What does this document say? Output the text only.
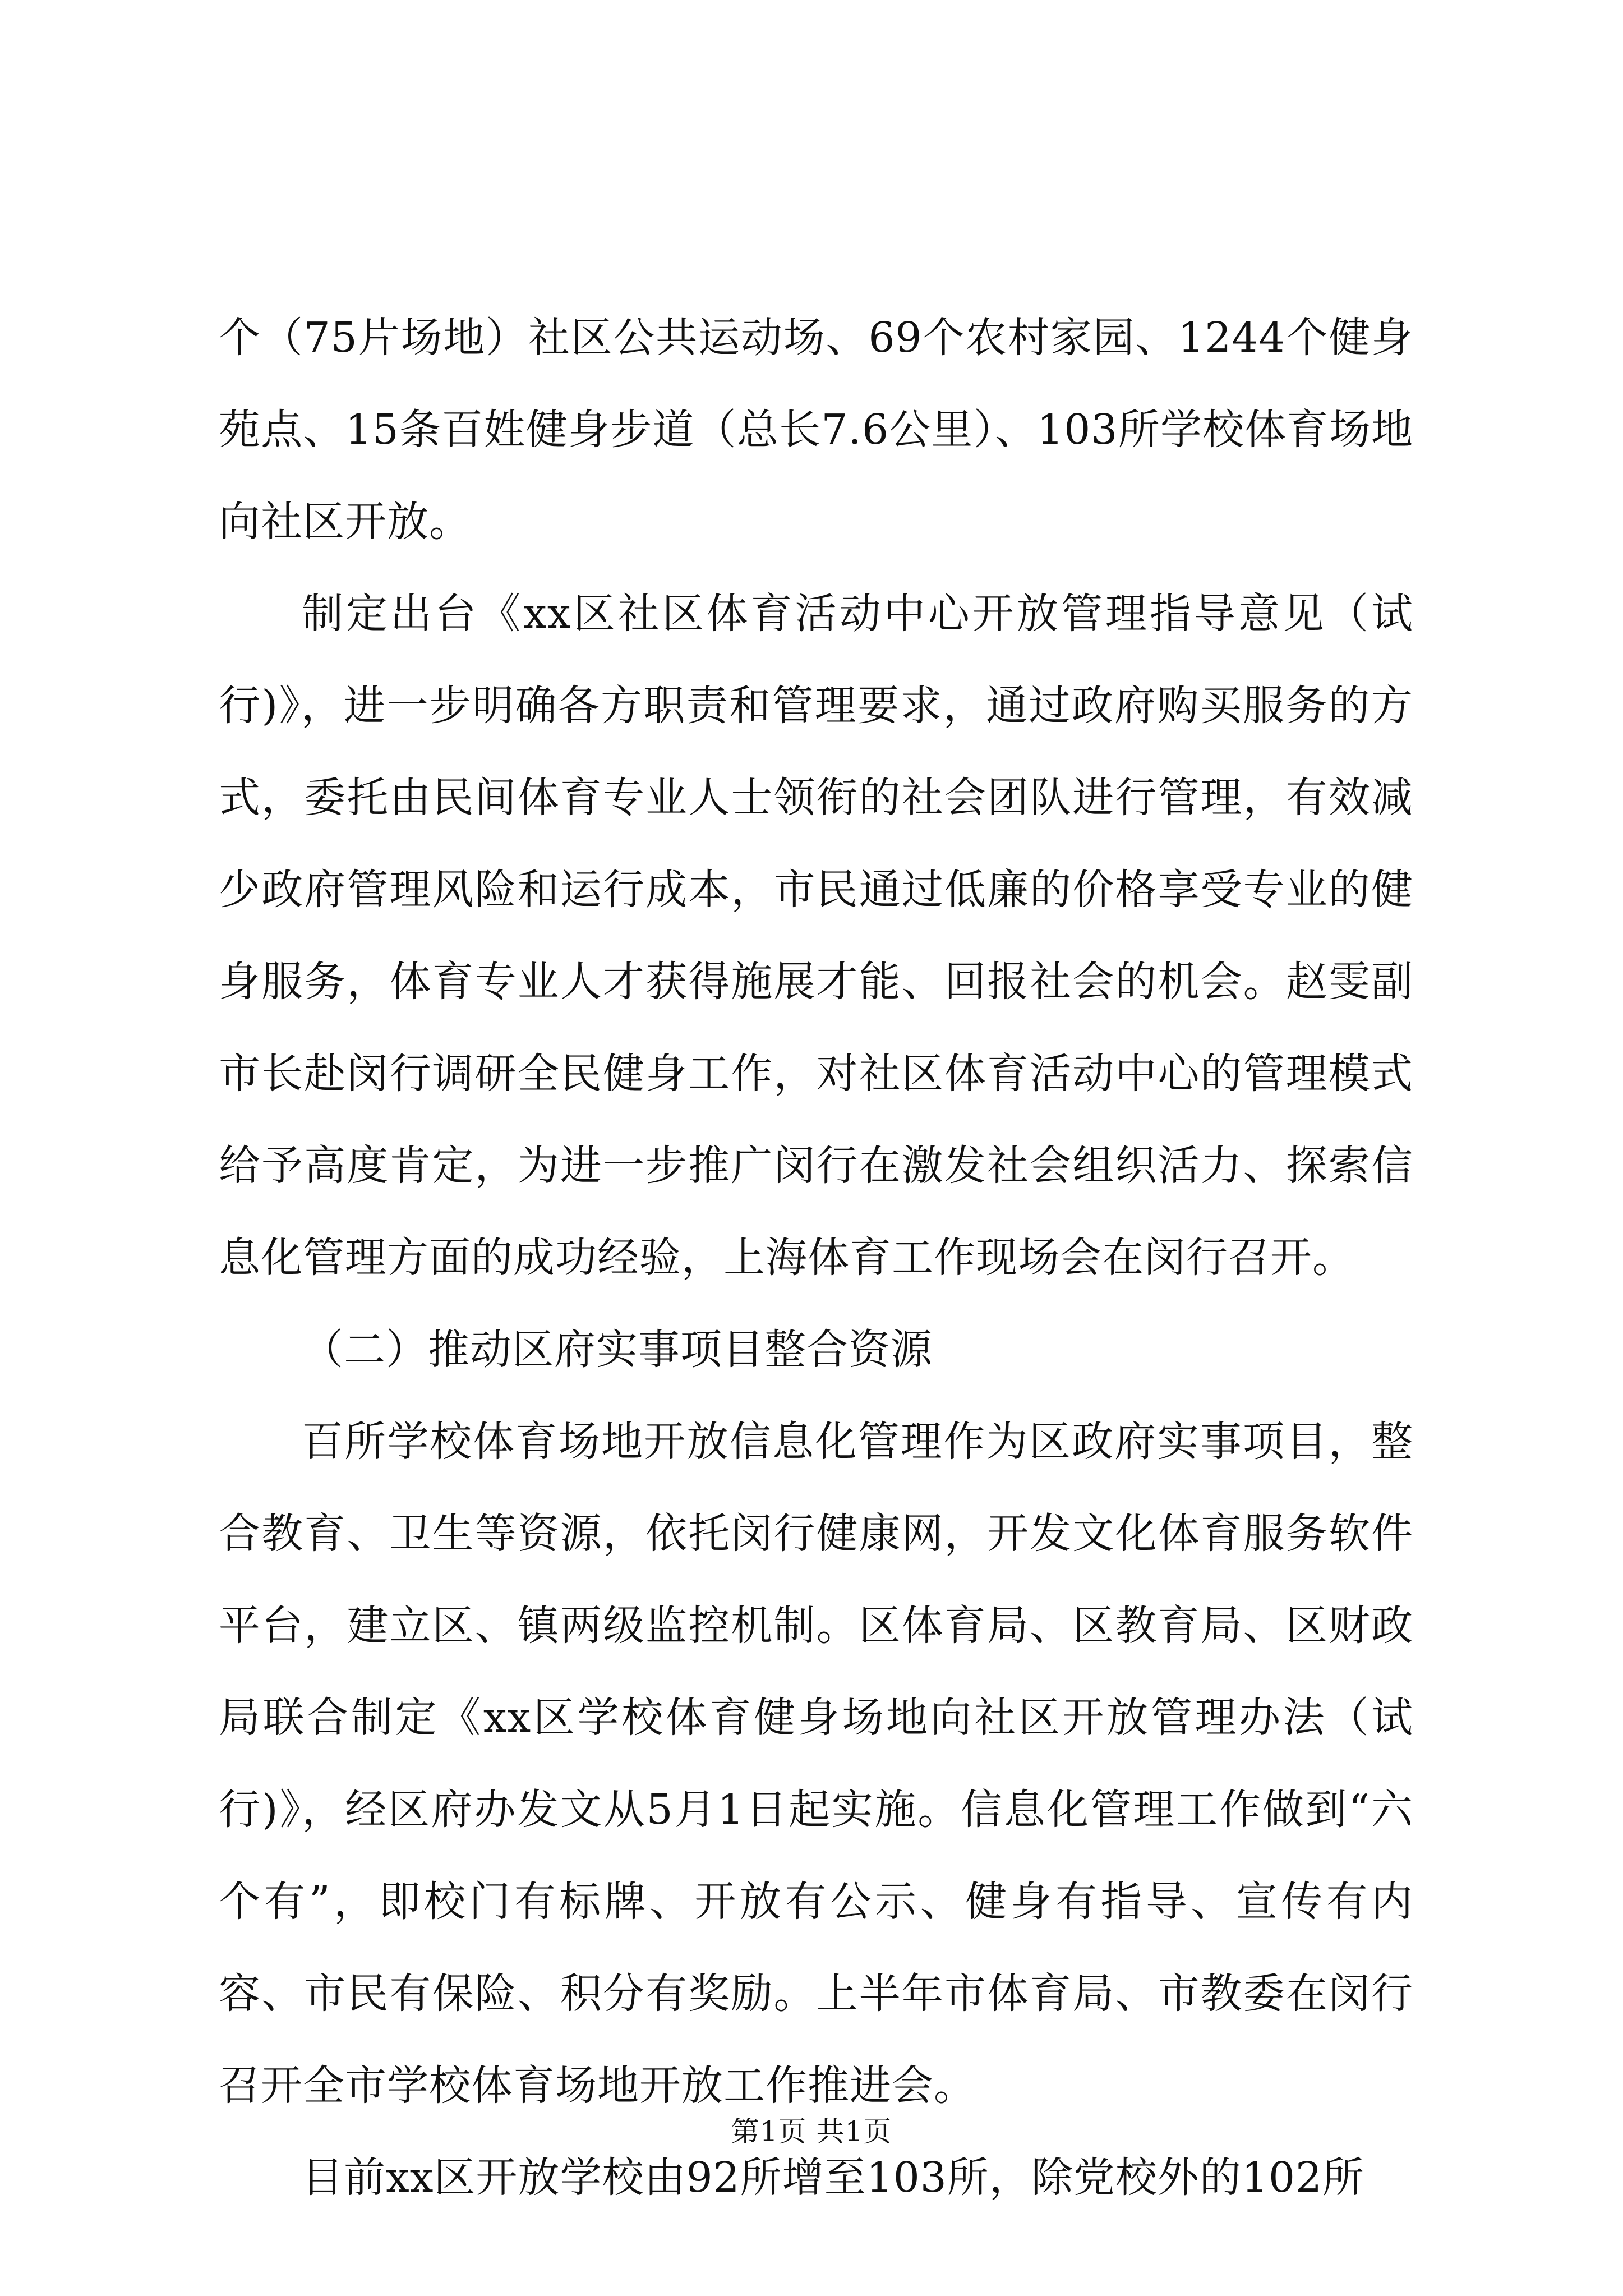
个（75片场地）社区公共运动场、69个农村家园、1244个健身苑点、15条百姓健身步道（总长7.6公里）、103所学校体育场地向社区开放。

制定出台《xx区社区体育活动中心开放管理指导意见（试行)》，进一步明确各方职责和管理要求，通过政府购买服务的方式，委托由民间体育专业人士领衔的社会团队进行管理，有效减少政府管理风险和运行成本，市民通过低廉的价格享受专业的健身服务，体育专业人才获得施展才能、回报社会的机会。赵雯副市长赴闵行调研全民健身工作，对社区体育活动中心的管理模式给予高度肯定，为进一步推广闵行在激发社会组织活力、探索信息化管理方面的成功经验，上海体育工作现场会在闵行召开。

（二）推动区府实事项目整合资源

百所学校体育场地开放信息化管理作为区政府实事项目，整合教育、卫生等资源，依托闵行健康网，开发文化体育服务软件平台，建立区、镇两级监控机制。区体育局、区教育局、区财政局联合制定《xx区学校体育健身场地向社区开放管理办法（试行)》，经区府办发文从5月1日起实施。信息化管理工作做到“六个有”，即校门有标牌、开放有公示、健身有指导、宣传有内容、市民有保险、积分有奖励。上半年市体育局、市教委在闵行召开全市学校体育场地开放工作推进会。

目前xx区开放学校由92所增至103所，除党校外的102所

第1页 共1页
